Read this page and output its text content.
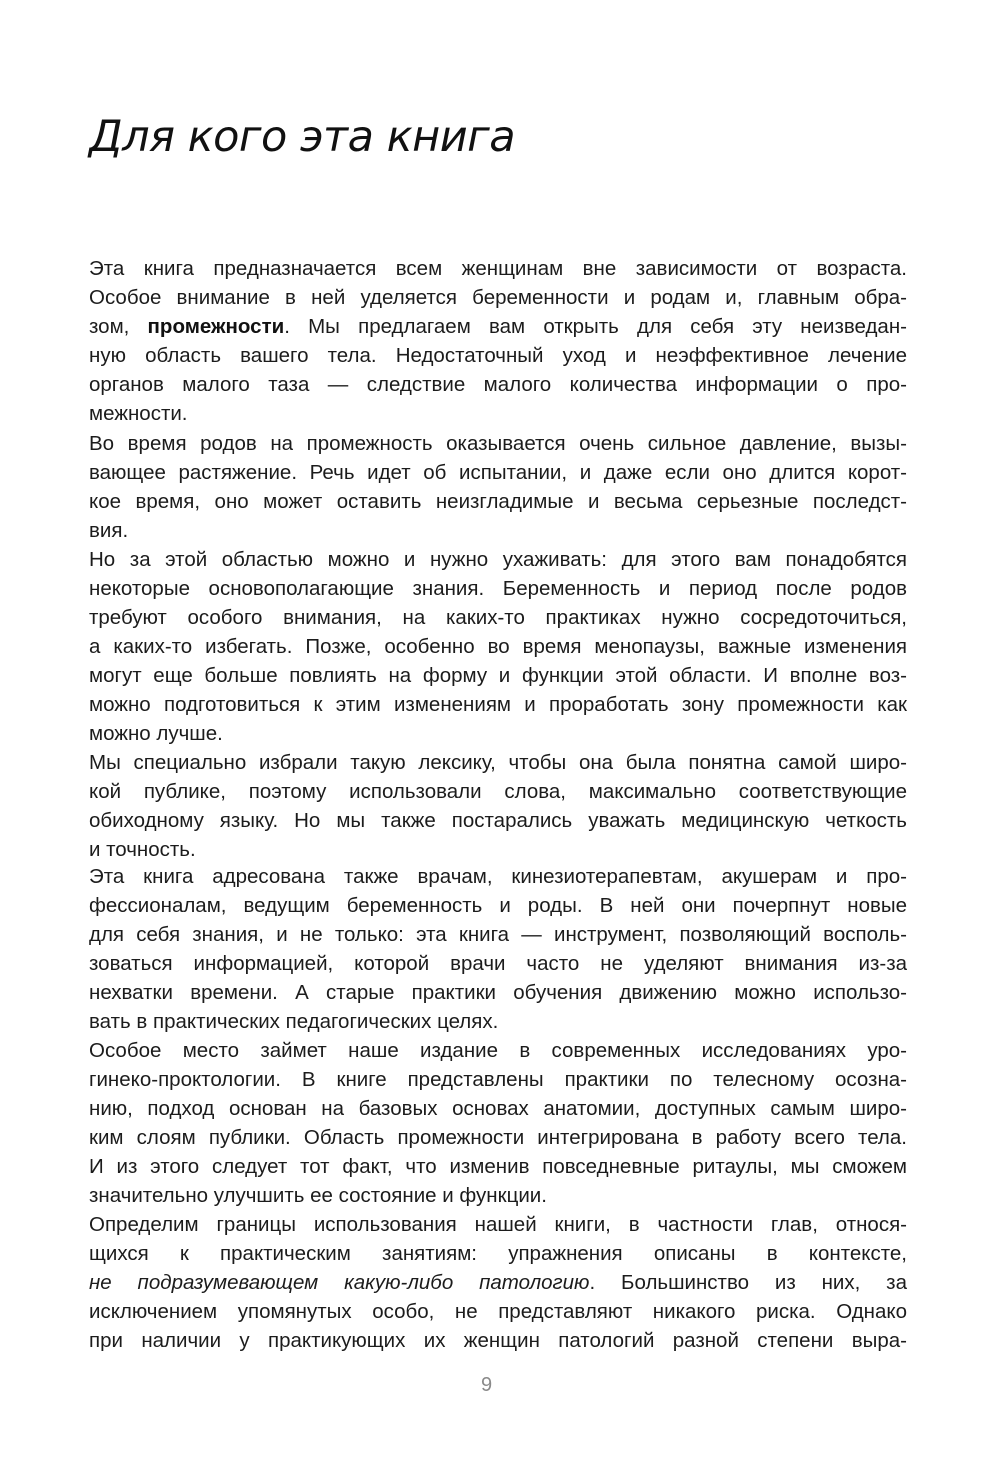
Для кого эта книга
Эта книга предназначается всем женщинам вне зависимости от возраста.
Особое внимание в ней уделяется беременности и родам и, главным обра-
зом, промежности. Мы предлагаем вам открыть для себя эту неизведан-
ную область вашего тела. Недостаточный уход и неэффективное лечение
органов малого таза — следствие малого количества информации о про-
межности.
Во время родов на промежность оказывается очень сильное давление, вызы-
вающее растяжение. Речь идет об испытании, и даже если оно длится корот-
кое время, оно может оставить неизгладимые и весьма серьезные последст-
вия.
Но за этой областью можно и нужно ухаживать: для этого вам понадобятся
некоторые основополагающие знания. Беременность и период после родов
требуют особого внимания, на каких-то практиках нужно сосредоточиться,
а каких-то избегать. Позже, особенно во время менопаузы, важные изменения
могут еще больше повлиять на форму и функции этой области. И вполне воз-
можно подготовиться к этим изменениям и проработать зону промежности как
можно лучше.
Мы специально избрали такую лексику, чтобы она была понятна самой широ-
кой публике, поэтому использовали слова, максимально соответствующие
обиходному языку. Но мы также постарались уважать медицинскую четкость
и точность.
Эта книга адресована также врачам, кинезиотерапевтам, акушерам и про-
фессионалам, ведущим беременность и роды. В ней они почерпнут новые
для себя знания, и не только: эта книга — инструмент, позволяющий восполь-
зоваться информацией, которой врачи часто не уделяют внимания из-за
нехватки времени. А старые практики обучения движению можно использо-
вать в практических педагогических целях.
Особое место займет наше издание в современных исследованиях уро-
гинеко-проктологии. В книге представлены практики по телесному осозна-
нию, подход основан на базовых основах анатомии, доступных самым широ-
ким слоям публики. Область промежности интегрирована в работу всего тела.
И из этого следует тот факт, что изменив повседневные ритаулы, мы сможем
значительно улучшить ее состояние и функции.
Определим границы использования нашей книги, в частности глав, относя-
щихся к практическим занятиям: упражнения описаны в контексте,
не подразумевающем какую-либо патологию. Большинство из них, за
исключением упомянутых особо, не представляют никакого риска. Однако
при наличии у практикующих их женщин патологий разной степени выра-
9
